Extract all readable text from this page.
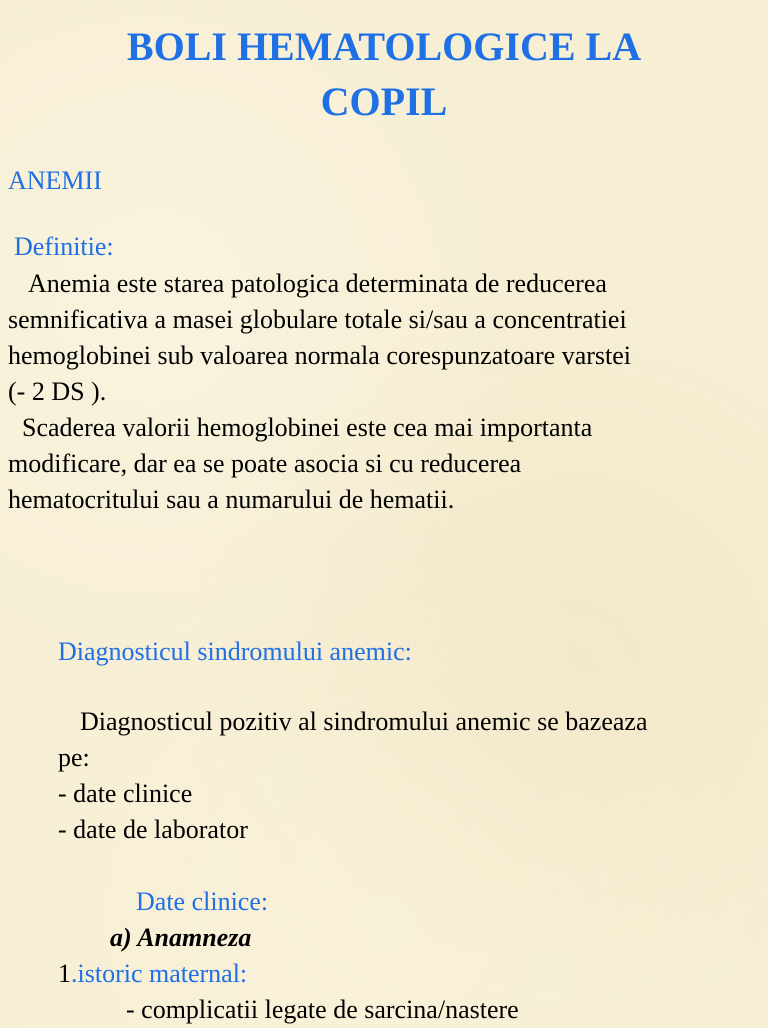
BOLI HEMATOLOGICE LA
COPIL
ANEMII
Definitie:
Anemia este starea patologica determinata de reducerea
semnificativa a masei globulare totale si/sau a concentratiei
hemoglobinei sub valoarea normala corespunzatoare varstei
(- 2 DS ).
Scaderea valorii hemoglobinei este cea mai importanta
modificare, dar ea se poate asocia si cu reducerea
hematocritului sau a numarului de hematii.
Diagnosticul sindromului anemic:
Diagnosticul pozitiv al sindromului anemic se bazeaza
pe:
- date clinice
- date de laborator
Date clinice:
a) Anamneza
1.istoric maternal:
- complicatii legate de sarcina/nastere
